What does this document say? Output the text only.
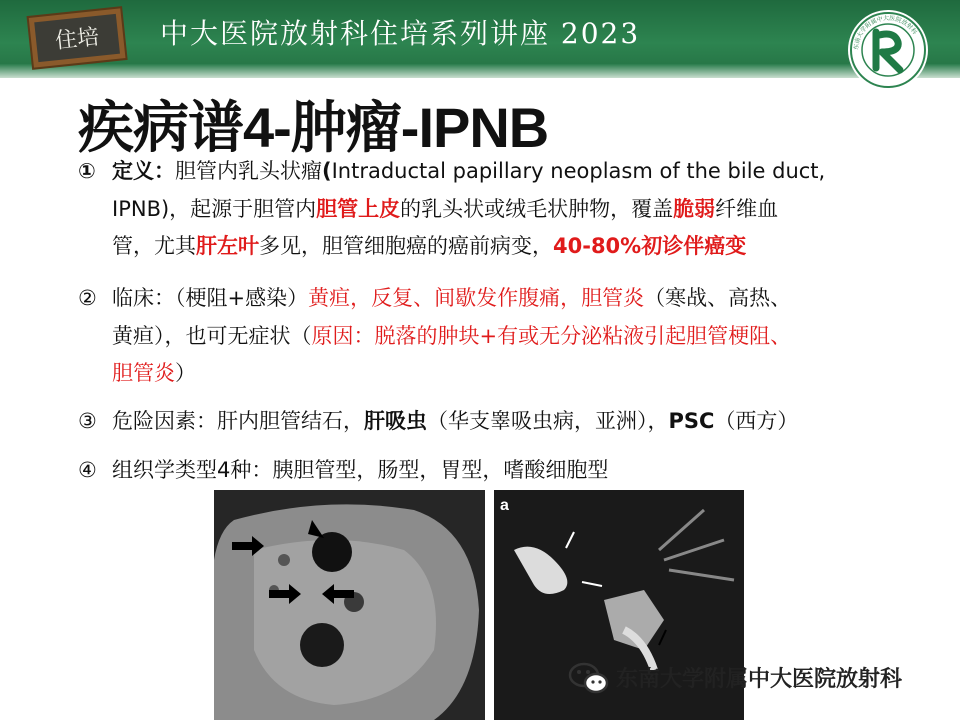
住培 中大医院放射科住培系列讲座 2023	东南大学附属中大医院放射科
疾病谱4-肿瘤-IPNB
① 定义：胆管内乳头状瘤(Intraductal papillary neoplasm of the bile duct,
IPNB)，起源于胆管内胆管上皮的乳头状或绒毛状肿物，覆盖脆弱纤维血
管，尤其肝左叶多见，胆管细胞癌的癌前病变，40-80%初诊伴癌变
② 临床：（梗阻+感染）黄疸，反复、间歇发作腹痛，胆管炎（寒战、高热、
黄疸），也可无症状（原因：脱落的肿块+有或无分泌粘液引起胆管梗阻、
胆管炎）
③ 危险因素：肝内胆管结石，肝吸虫（华支睾吸虫病，亚洲），PSC（西方）
④ 组织学类型4种：胰胆管型，肠型，胃型，嗜酸细胞型
a
东南大学附属中大医院放射科
